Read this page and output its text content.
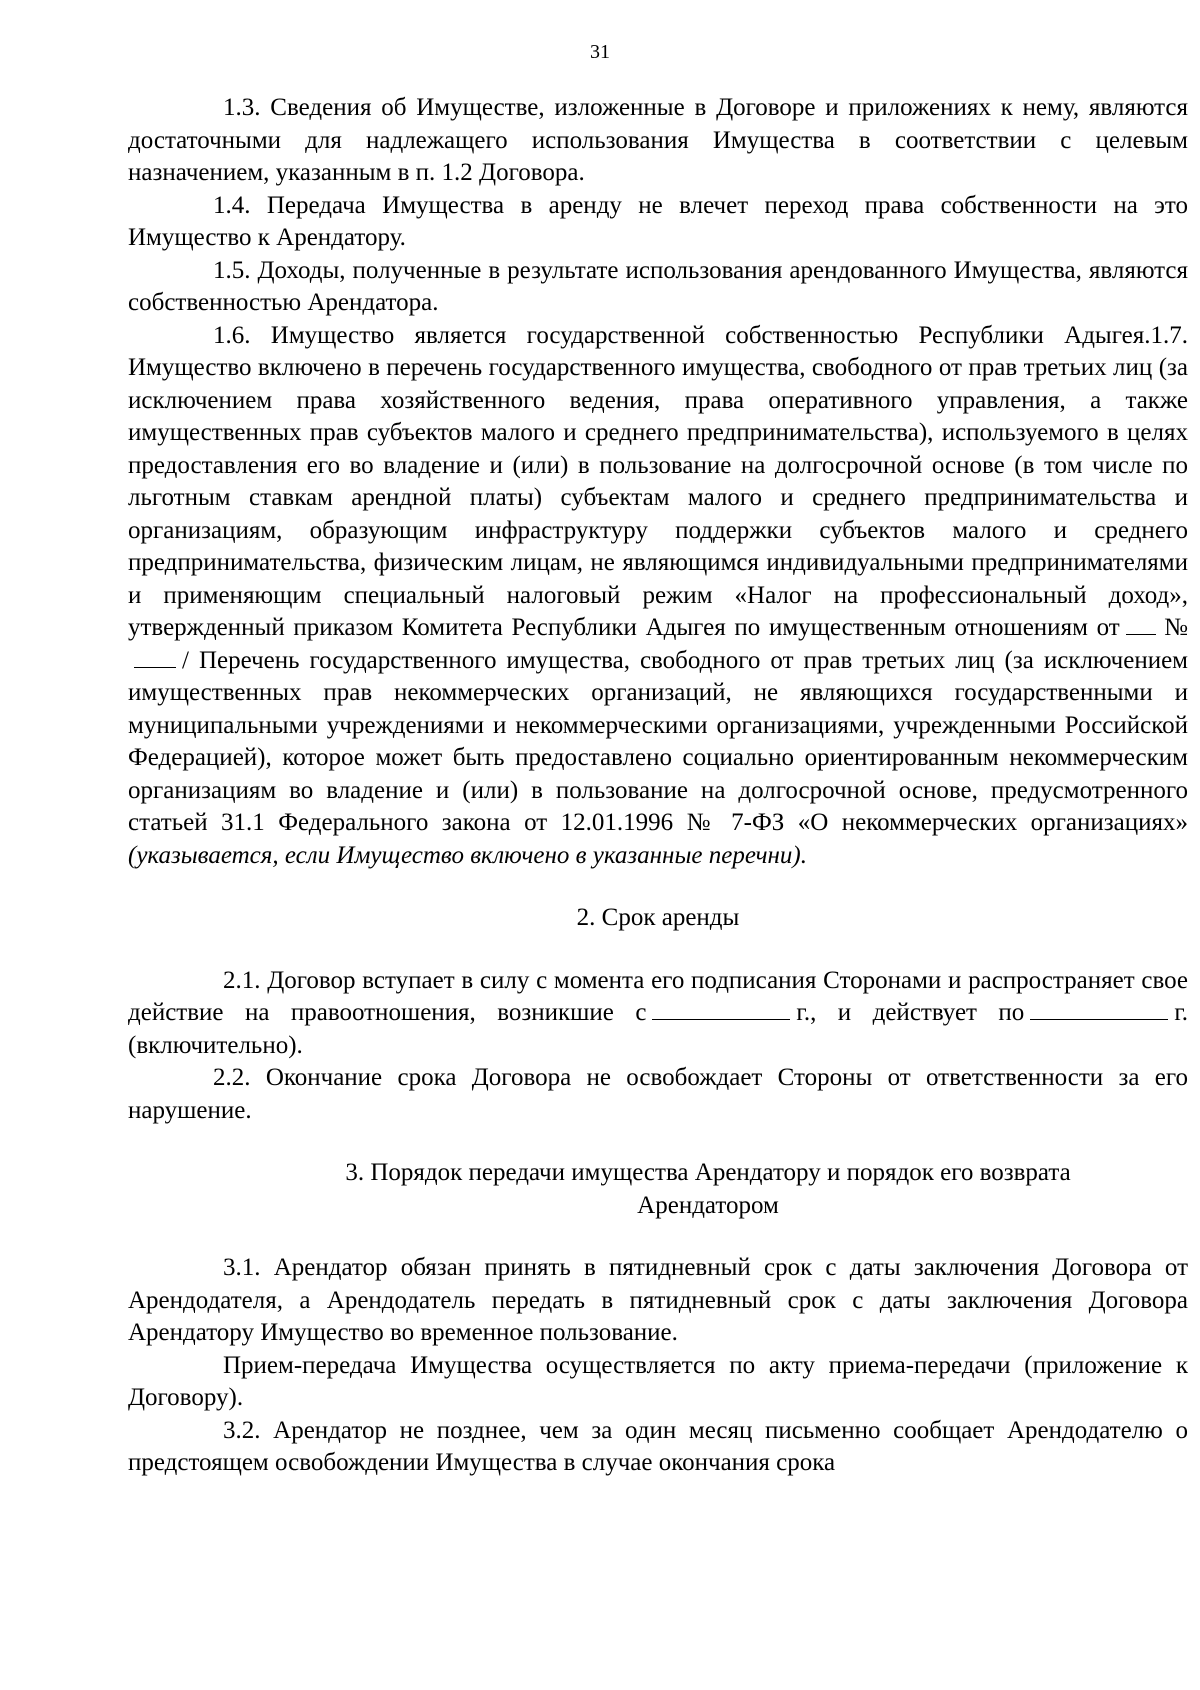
31

1.3. Сведения об Имуществе, изложенные в Договоре и приложениях к нему, являются достаточными для надлежащего использования Имущества в соответствии с целевым назначением, указанным в п. 1.2 Договора.

1.4. Передача Имущества в аренду не влечет переход права собственности на это Имущество к Арендатору.

1.5. Доходы, полученные в результате использования арендованного Имущества, являются собственностью Арендатора.

1.6. Имущество является государственной собственностью Республики Адыгея.1.7. Имущество включено в перечень государственного имущества, свободного от прав третьих лиц (за исключением права хозяйственного ведения, права оперативного управления, а также имущественных прав субъектов малого и среднего предпринимательства), используемого в целях предоставления его во владение и (или) в пользование на долгосрочной основе (в том числе по льготным ставкам арендной платы) субъектам малого и среднего предпринимательства и организациям, образующим инфраструктуру поддержки субъектов малого и среднего предпринимательства, физическим лицам, не являющимся индивидуальными предпринимателями и применяющим специальный налоговый режим «Налог на профессиональный доход», утвержденный приказом Комитета Республики Адыгея по имущественным отношениям от №/ Перечень государственного имущества, свободного от прав третьих лиц (за исключением имущественных прав некоммерческих организаций, не являющихся государственными и муниципальными учреждениями и некоммерческими организациями, учрежденными Российской Федерацией), которое может быть предоставлено социально ориентированным некоммерческим организациям во владение и (или) в пользование на долгосрочной основе, предусмотренного статьей 31.1 Федерального закона от 12.01.1996 № 7-ФЗ «О некоммерческих организациях» (указывается, если Имущество включено в указанные перечни).

2. Срок аренды

2.1. Договор вступает в силу с момента его подписания Сторонами и распространяет свое действие на правоотношения, возникшие с	г., и действует по	г. (включительно).

2.2. Окончание срока Договора не освобождает Стороны от ответственности за его нарушение.

3. Порядок передачи имущества Арендатору и порядок его возврата Арендатором

3.1. Арендатор обязан принять в пятидневный срок с даты заключения Договора от Арендодателя, а Арендодатель передать в пятидневный срок с даты заключения Договора Арендатору Имущество во временное пользование.

Прием-передача Имущества осуществляется по акту приема-передачи (приложение к Договору).

3.2. Арендатор не позднее, чем за один месяц письменно сообщает Арендодателю о предстоящем освобождении Имущества в случае окончания срока
